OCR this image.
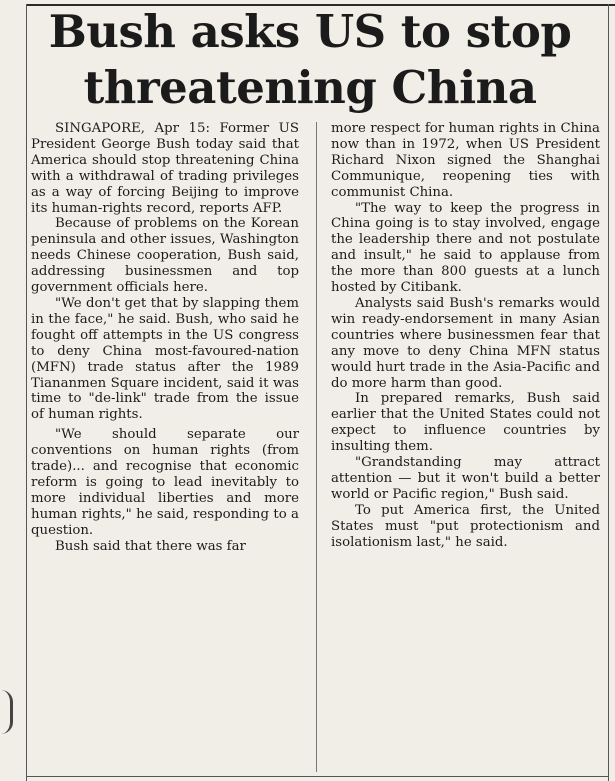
Bush asks US to stop
threatening China

SINGAPORE, Apr 15: Former US President George Bush today said that America should stop threatening China with a withdrawal of trading privileges as a way of forcing Beijing to improve its human-rights record, reports AFP.

Because of problems on the Korean peninsula and other issues, Washington needs Chinese cooperation, Bush said, addressing businessmen and top government officials here.

"We don't get that by slapping them in the face," he said. Bush, who said he fought off attempts in the US congress to deny China most-favoured-nation (MFN) trade status after the 1989 Tiananmen Square incident, said it was time to "de-link" trade from the issue of human rights.

"We should separate our conventions on human rights (from trade)... and recognise that economic reform is going to lead inevitably to more individual liberties and more human rights," he said, responding to a question.

Bush said that there was far

more respect for human rights in China now than in 1972, when US President Richard Nixon signed the Shanghai Communique, reopening ties with communist China.

"The way to keep the progress in China going is to stay involved, engage the leadership there and not postulate and insult," he said to applause from the more than 800 guests at a lunch hosted by Citibank.

Analysts said Bush's remarks would win ready-endorsement in many Asian countries where businessmen fear that any move to deny China MFN status would hurt trade in the Asia-Pacific and do more harm than good.

In prepared remarks, Bush said earlier that the United States could not expect to influence countries by insulting them.

"Grandstanding may attract attention — but it won't build a better world or Pacific region," Bush said.

To put America first, the United States must "put protectionism and isolationism last," he said.
